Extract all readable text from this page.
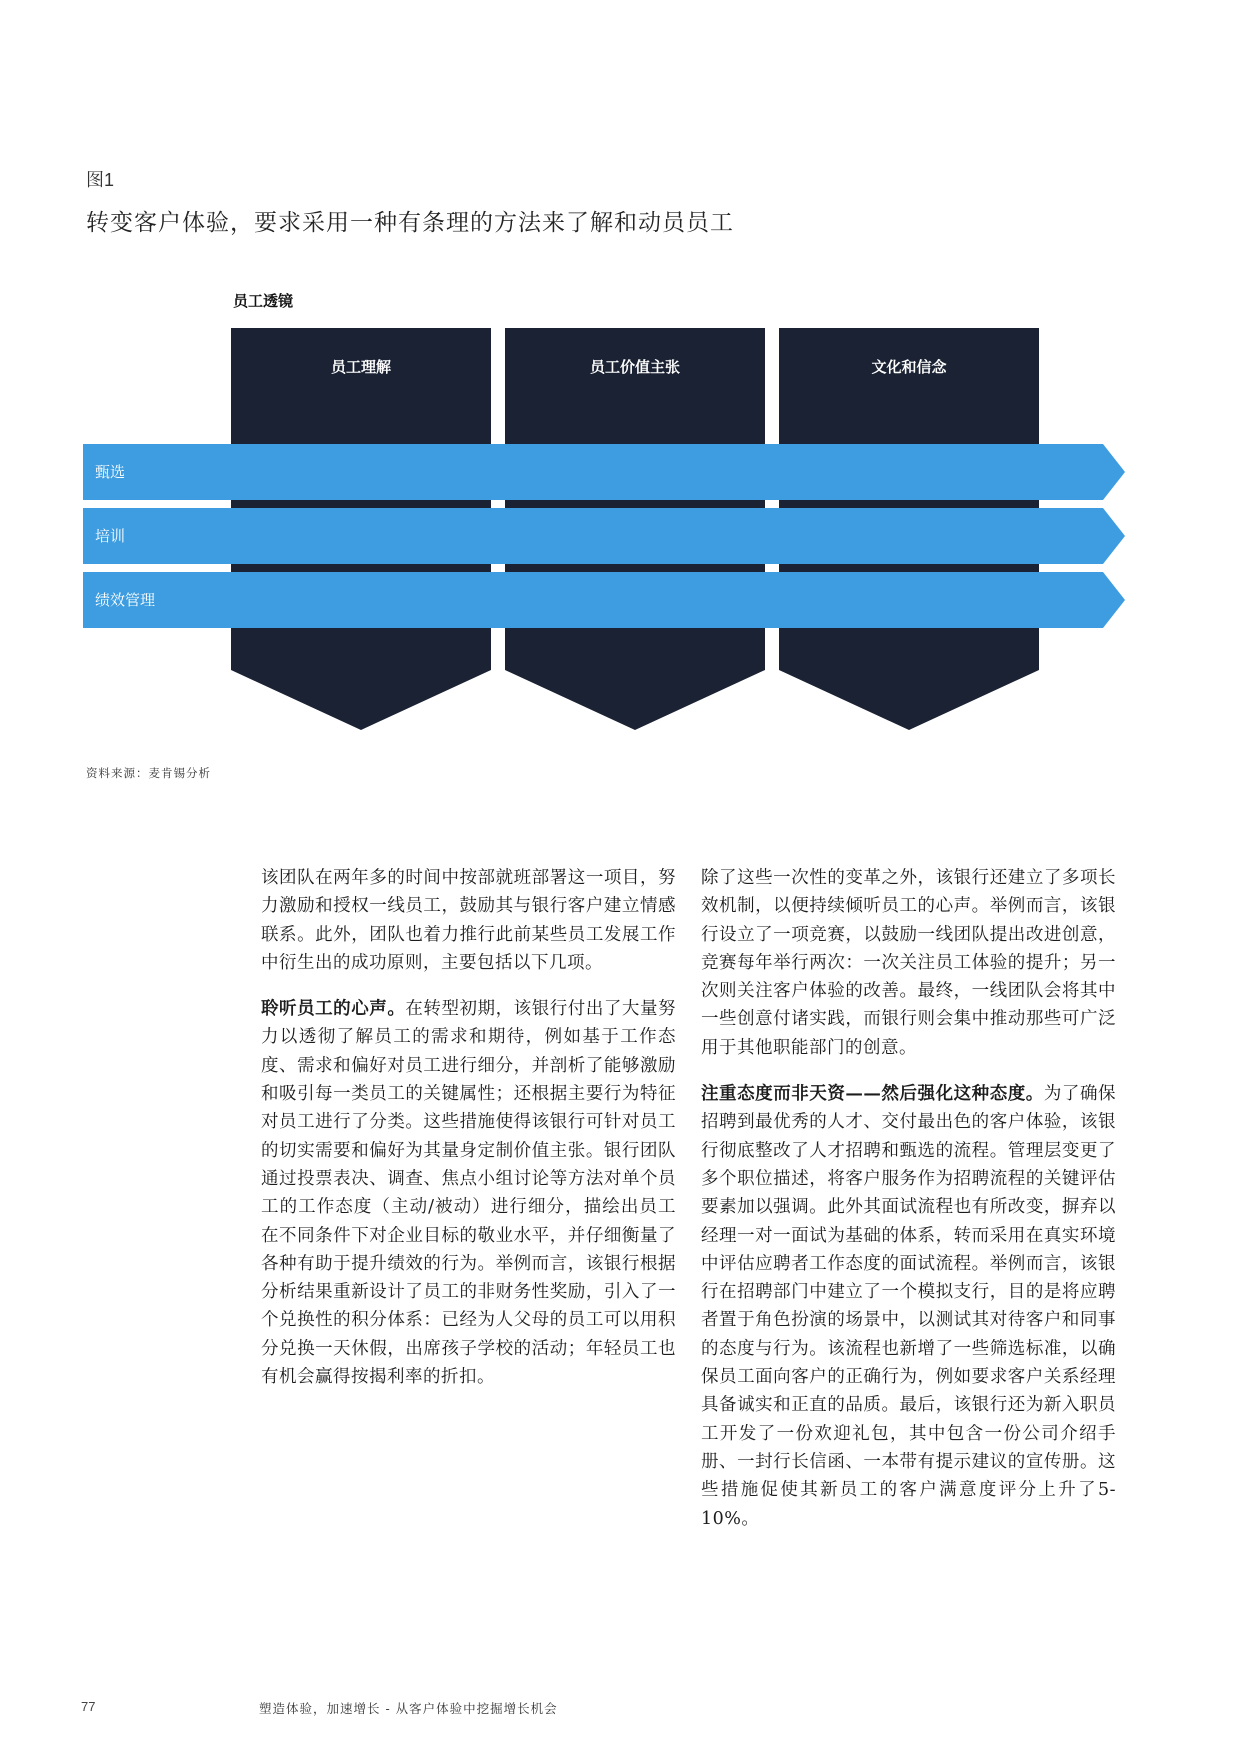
图1
转变客户体验，要求采用一种有条理的方法来了解和动员员工
员工透镜
员工理解	员工价值主张	文化和信念
甄选
培训
绩效管理
资料来源：麦肯锡分析

该团队在两年多的时间中按部就班部署这一项目，努力激励和授权一线员工，鼓励其与银行客户建立情感联系。此外，团队也着力推行此前某些员工发展工作中衍生出的成功原则，主要包括以下几项。

聆听员工的心声。在转型初期，该银行付出了大量努力以透彻了解员工的需求和期待，例如基于工作态度、需求和偏好对员工进行细分，并剖析了能够激励和吸引每一类员工的关键属性；还根据主要行为特征对员工进行了分类。这些措施使得该银行可针对员工的切实需要和偏好为其量身定制价值主张。银行团队通过投票表决、调查、焦点小组讨论等方法对单个员工的工作态度（主动/被动）进行细分，描绘出员工在不同条件下对企业目标的敬业水平，并仔细衡量了各种有助于提升绩效的行为。举例而言，该银行根据分析结果重新设计了员工的非财务性奖励，引入了一个兑换性的积分体系：已经为人父母的员工可以用积分兑换一天休假，出席孩子学校的活动；年轻员工也有机会赢得按揭利率的折扣。

除了这些一次性的变革之外，该银行还建立了多项长效机制，以便持续倾听员工的心声。举例而言，该银行设立了一项竞赛，以鼓励一线团队提出改进创意，竞赛每年举行两次：一次关注员工体验的提升；另一次则关注客户体验的改善。最终，一线团队会将其中一些创意付诸实践，而银行则会集中推动那些可广泛用于其他职能部门的创意。

注重态度而非天资——然后强化这种态度。为了确保招聘到最优秀的人才、交付最出色的客户体验，该银行彻底整改了人才招聘和甄选的流程。管理层变更了多个职位描述，将客户服务作为招聘流程的关键评估要素加以强调。此外其面试流程也有所改变，摒弃以经理一对一面试为基础的体系，转而采用在真实环境中评估应聘者工作态度的面试流程。举例而言，该银行在招聘部门中建立了一个模拟支行，目的是将应聘者置于角色扮演的场景中，以测试其对待客户和同事的态度与行为。该流程也新增了一些筛选标准，以确保员工面向客户的正确行为，例如要求客户关系经理具备诚实和正直的品质。最后，该银行还为新入职员工开发了一份欢迎礼包，其中包含一份公司介绍手册、一封行长信函、一本带有提示建议的宣传册。这些措施促使其新员工的客户满意度评分上升了5-10%。

77	塑造体验，加速增长 - 从客户体验中挖掘增长机会
